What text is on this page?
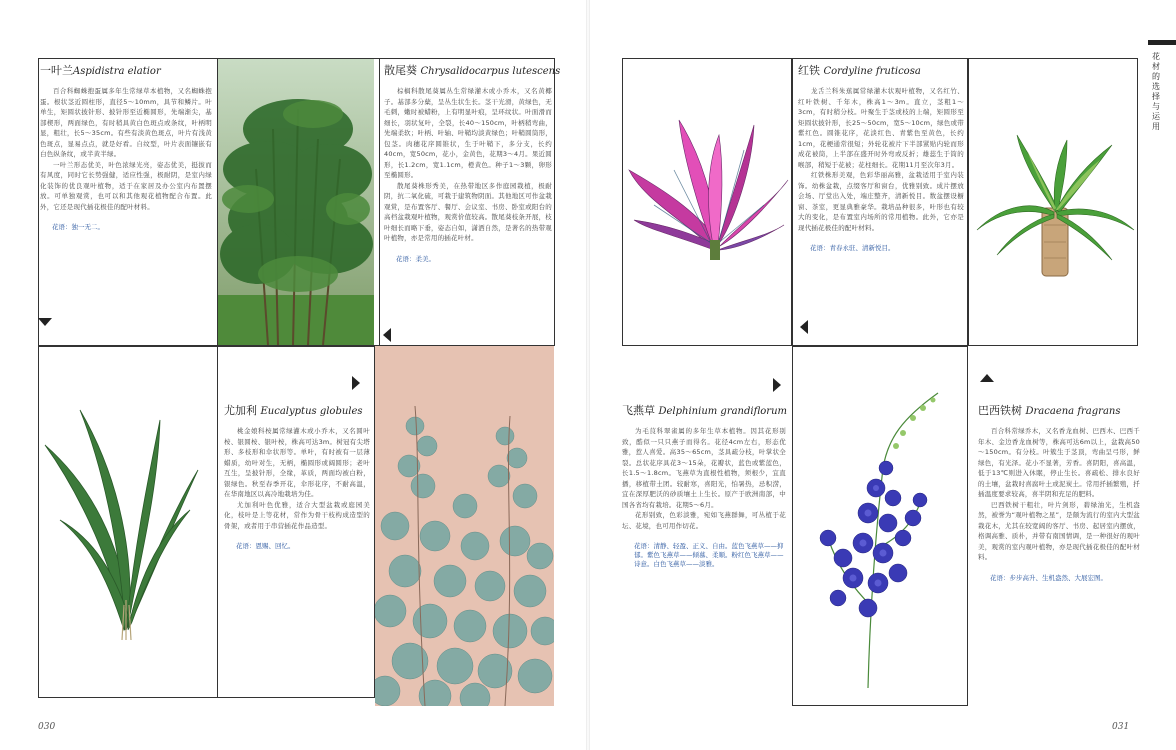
一叶兰Aspidistra elatior

百合科蜘蛛抱蛋属多年生常绿草本植物，又名蜘蛛抱蛋。根状茎近圆柱形，直径5～10mm，具节和鳞片。叶单生，矩圆状披针形、披针形至近椭圆形，先端渐尖，基部楔形，两面绿色，有时稍具黄白色斑点或条纹，叶柄明显，粗壮，长5～35cm。有些有淡黄色斑点，叶片有浅黄色斑点，显易点点，就是好看。自纹型，叶片表面镶嵌有白色纵条纹，或半黄半绿。

一叶兰形态优美，叶色浓绿光亮，姿态优美，挺拔而有风度，同时它长势强健，适应性强，极耐阴，是室内绿化装饰的优良观叶植物，适于在家居及办公室内布置摆放。可单独观赏，也可以和其他观花植物配合布置。此外，它还是现代插花极佳的配叶材料。

花语：独一无二。
散尾葵 Chrysalidocarpus lutescens

棕榈科散尾葵属丛生常绿灌木或小乔木，又名黄椰子。基部多分蘖，呈丛生状生长。茎干光滑，黄绿色，无毛刺，嫩时被蜡粉，上有明显叶痕，呈环纹状。叶面滑而细长，羽状复叶，全裂，长40～150cm，叶柄稍弯曲，先端柔软；叶柄、叶轴、叶鞘均淡黄绿色；叶鞘圆筒形，包茎。肉穗花序圆锥状，生于叶鞘下，多分支，长约40cm，宽50cm，花小，金黄色，花期3～4月。果近圆形，长1.2cm，宽1.1cm，橙黄色。种子1～3颗，卵形至椭圆形。

散尾葵株形秀美，在热带地区多作庭园栽植，极耐阴，抗二氧化硫，可栽于建筑物阴面。其他地区可作盆栽观赏，是布置客厅、餐厅、会议室、书房、卧室或阳台的高档盆栽观叶植物，观赏价值较高。散尾葵枝条开展，枝叶细长而略下垂，姿态自如，潇洒自然，是著名的热带观叶植物，亦是常用的插花叶材。

花语：柔美。
尤加利 Eucalyptus globules

桃金娘科桉属常绿灌木或小乔木，又名圆叶桉、银圆桉、银叶桉，株高可达3m。树冠有尖塔形、多枝形和伞状形等。单叶，有时被有一层薄蜡质，幼叶对生，无柄，椭圆形或阔圆形；老叶互生，呈披针形，全缘，革质，两面均被白粉，银绿色。秋至春季开花，伞形花序，不耐高温，在华南地区以高冷地栽培为佳。

尤加利叶色优雅，适合大型盆栽或庭园美化，枝叶是上等花材，常作为骨干枝构成造型的骨架，或者用于串营插花作品造型。

花语：恩赐、回忆。
030
红铁 Cordyline fruticosa

龙舌兰科朱蕉属常绿灌木状观叶植物，又名红竹、红叶铁树、千年木，株高1～3m。直立，茎粗1～3cm，有时稍分枝。叶聚生于茎或枝的上端，矩圆形至矩圆状披针形，长25～50cm，宽5～10cm，绿色或带紫红色。圆锥花序，花淡红色、青紫色至黄色，长约1cm，花梗通常很短；外轮花被片下半部紧贴内轮而形成花被筒，上半部在盛开时外弯或反折；雄蕊生于筒的喉部，稍短于花被；花柱细长。花期11月至次年3月。

红铁株形美观，色彩华丽高雅，盆栽适用于室内装饰。幼株盆栽，点缀客厅和窗台，优雅别致。成片摆放会场、厅堂出入处，端庄整齐，清新悦目。数盆摆设橱窗、茶室，更显典雅豪华。栽培品种很多，叶形也有较大的变化，是布置室内场所的常用植物。此外，它亦是现代插花极佳的配叶材料。

花语：青春永驻、清新悦目。
飞燕草 Delphinium grandiflorum

为毛茛科翠雀属的多年生草本植物。因其花形别致，酷似一只只燕子而得名。花径4cm左右，形态优雅，惹人喜爱。高35～65cm，茎具疏分枝，叶掌状全裂。总状花序具花3～15朵，花瓣状，蓝色或紫蓝色，长1.5～1.8cm。飞燕草为直根性植物，须根少，宜直播，移植带土团。较耐寒，喜阳光，怕暑热，忌积涝，宜在深厚肥沃的砂质壤土上生长。原产于欧洲南部，中国各省均有栽培。花期5～6月。

花形别致，色彩淡雅，宛如飞燕群舞，可丛植于花坛、花境，也可用作切花。

花语：清静、轻盈、正义、自由。蓝色飞燕草——抑郁。紫色飞燕草——倾慕、柔顺。粉红色飞燕草——诗意。白色飞燕草——淡雅。
巴西铁树 Dracaena fragrans

百合科常绿乔木，又名香龙血树、巴西木、巴西千年木、金边香龙血树等，株高可达6m以上，盆栽高50～150cm。有分枝。叶簇生于茎顶，弯曲呈弓形，鲜绿色，有光泽。花小不显著，芳香。喜阴阳，喜高温，低于13℃则进入休眠，停止生长。喜疏松、排水良好的土壤，盆栽时喜腐叶土或泥炭土。常用扦插繁殖，扦插温度要求较高，喜半阴和充足的肥料。

巴西铁树干粗壮，叶片剑形，碧绿油光，生机盎然，被誉为“观叶植物之星”，是颇为流行的室内大型盆栽花木，尤其在较宽阔的客厅、书房、起居室内摆放，格调高雅、质朴，并带有南国情调，是一种很好的观叶美，观赏的室内观叶植物，亦是现代插花极佳的配叶材料。

花语：步步高升、生机盎然、大展宏图。
花材的选择与运用
031
